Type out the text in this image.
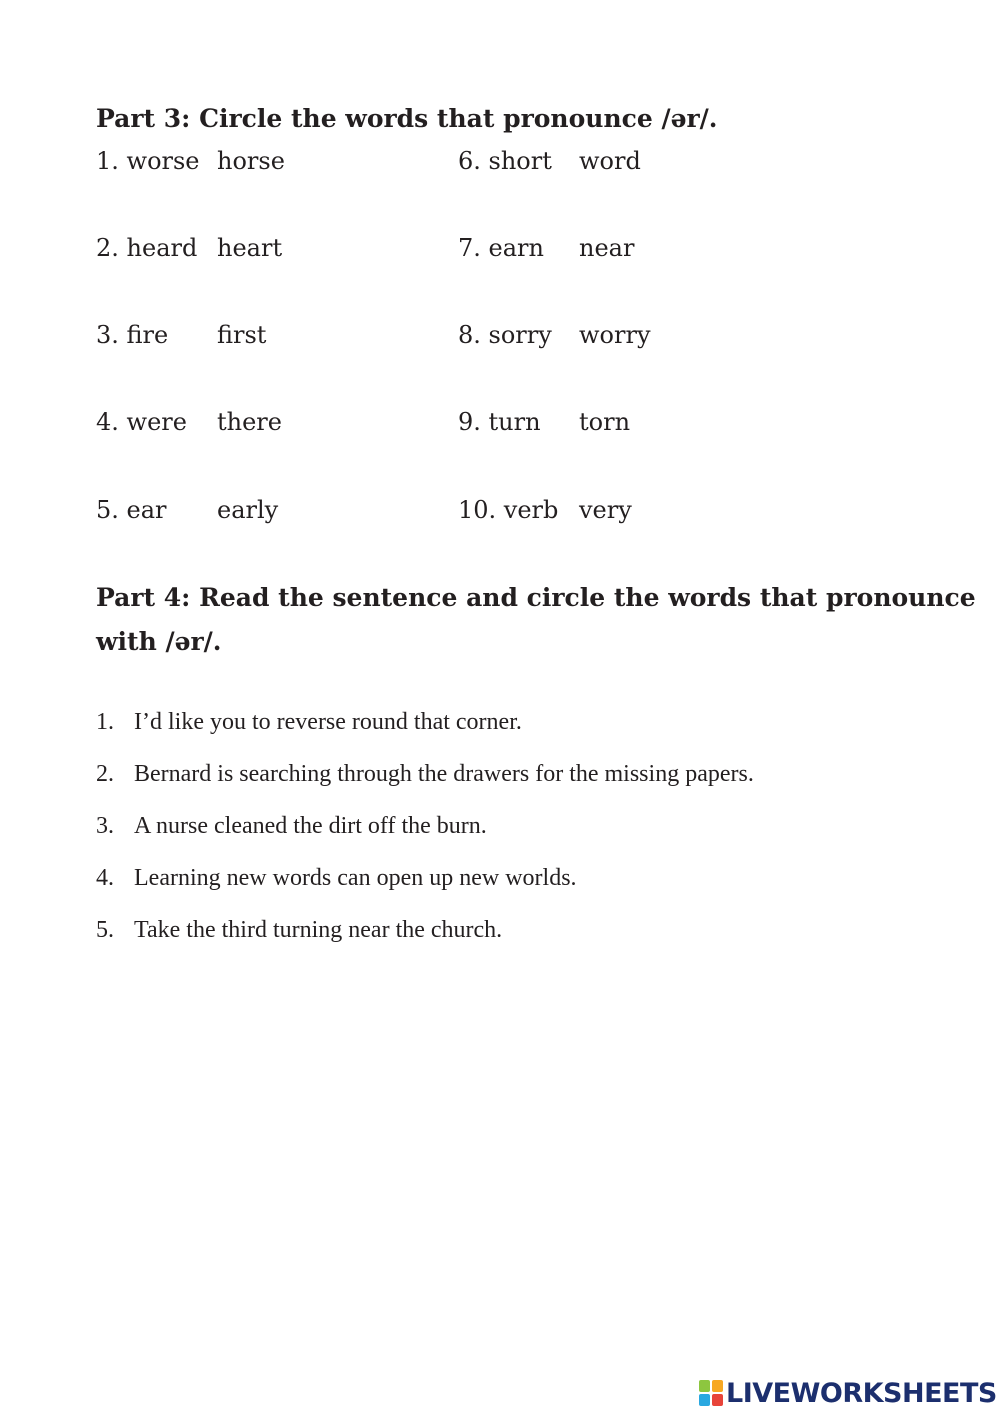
Part 3: Circle the words that pronounce /ər/.
1. worse horse
2. heard heart
3. fire first
4. were there
5. ear early
6. short word
7. earn near
8. sorry worry
9. turn torn
10. verb very
Part 4: Read the sentence and circle the words that pronounce
with /ər/.
1. I’d like you to reverse round that corner.
2. Bernard is searching through the drawers for the missing papers.
3. A nurse cleaned the dirt off the burn.
4. Learning new words can open up new worlds.
5. Take the third turning near the church.
LIVEWORKSHEETS
